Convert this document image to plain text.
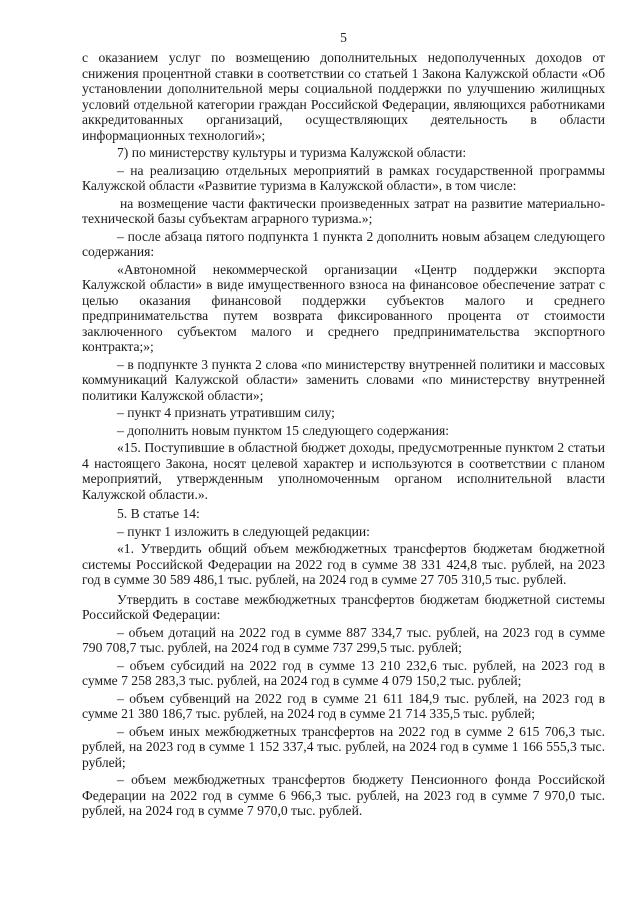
5

с оказанием услуг по возмещению дополнительных недополученных доходов от снижения процентной ставки в соответствии со статьей 1 Закона Калужской области «Об установлении дополнительной меры социальной поддержки по улучшению жилищных условий отдельной категории граждан Российской Федерации, являющихся работниками аккредитованных организаций, осуществляющих деятельность в области информационных технологий»;

7) по министерству культуры и туризма Калужской области:

– на реализацию отдельных мероприятий в рамках государственной программы Калужской области «Развитие туризма в Калужской области», в том числе:

на возмещение части фактически произведенных затрат на развитие материально-технической базы субъектам аграрного туризма.»;

– после абзаца пятого подпункта 1 пункта 2 дополнить новым абзацем следующего содержания:

«Автономной некоммерческой организации «Центр поддержки экспорта Калужской области» в виде имущественного взноса на финансовое обеспечение затрат с целью оказания финансовой поддержки субъектов малого и среднего предпринимательства путем возврата фиксированного процента от стоимости заключенного субъектом малого и среднего предпринимательства экспортного контракта;»;

– в подпункте 3 пункта 2 слова «по министерству внутренней политики и массовых коммуникаций Калужской области» заменить словами «по министерству внутренней политики Калужской области»;

– пункт 4 признать утратившим силу;

– дополнить новым пунктом 15 следующего содержания:

«15. Поступившие в областной бюджет доходы, предусмотренные пунктом 2 статьи 4 настоящего Закона, носят целевой характер и используются в соответствии с планом мероприятий, утвержденным уполномоченным органом исполнительной власти Калужской области.».

5. В статье 14:

– пункт 1 изложить в следующей редакции:

«1. Утвердить общий объем межбюджетных трансфертов бюджетам бюджетной системы Российской Федерации на 2022 год в сумме 38 331 424,8 тыс. рублей, на 2023 год в сумме 30 589 486,1 тыс. рублей, на 2024 год в сумме 27 705 310,5 тыс. рублей.

Утвердить в составе межбюджетных трансфертов бюджетам бюджетной системы Российской Федерации:

– объем дотаций на 2022 год в сумме 887 334,7 тыс. рублей, на 2023 год в сумме 790 708,7 тыс. рублей, на 2024 год в сумме 737 299,5 тыс. рублей;

– объем субсидий на 2022 год в сумме 13 210 232,6 тыс. рублей, на 2023 год в сумме 7 258 283,3 тыс. рублей, на 2024 год в сумме 4 079 150,2 тыс. рублей;

– объем субвенций на 2022 год в сумме 21 611 184,9 тыс. рублей, на 2023 год в сумме 21 380 186,7 тыс. рублей, на 2024 год в сумме 21 714 335,5 тыс. рублей;

– объем иных межбюджетных трансфертов на 2022 год в сумме 2 615 706,3 тыс. рублей, на 2023 год в сумме 1 152 337,4 тыс. рублей, на 2024 год в сумме 1 166 555,3 тыс. рублей;

– объем межбюджетных трансфертов бюджету Пенсионного фонда Российской Федерации на 2022 год в сумме 6 966,3 тыс. рублей, на 2023 год в сумме 7 970,0 тыс. рублей, на 2024 год в сумме 7 970,0 тыс. рублей.
